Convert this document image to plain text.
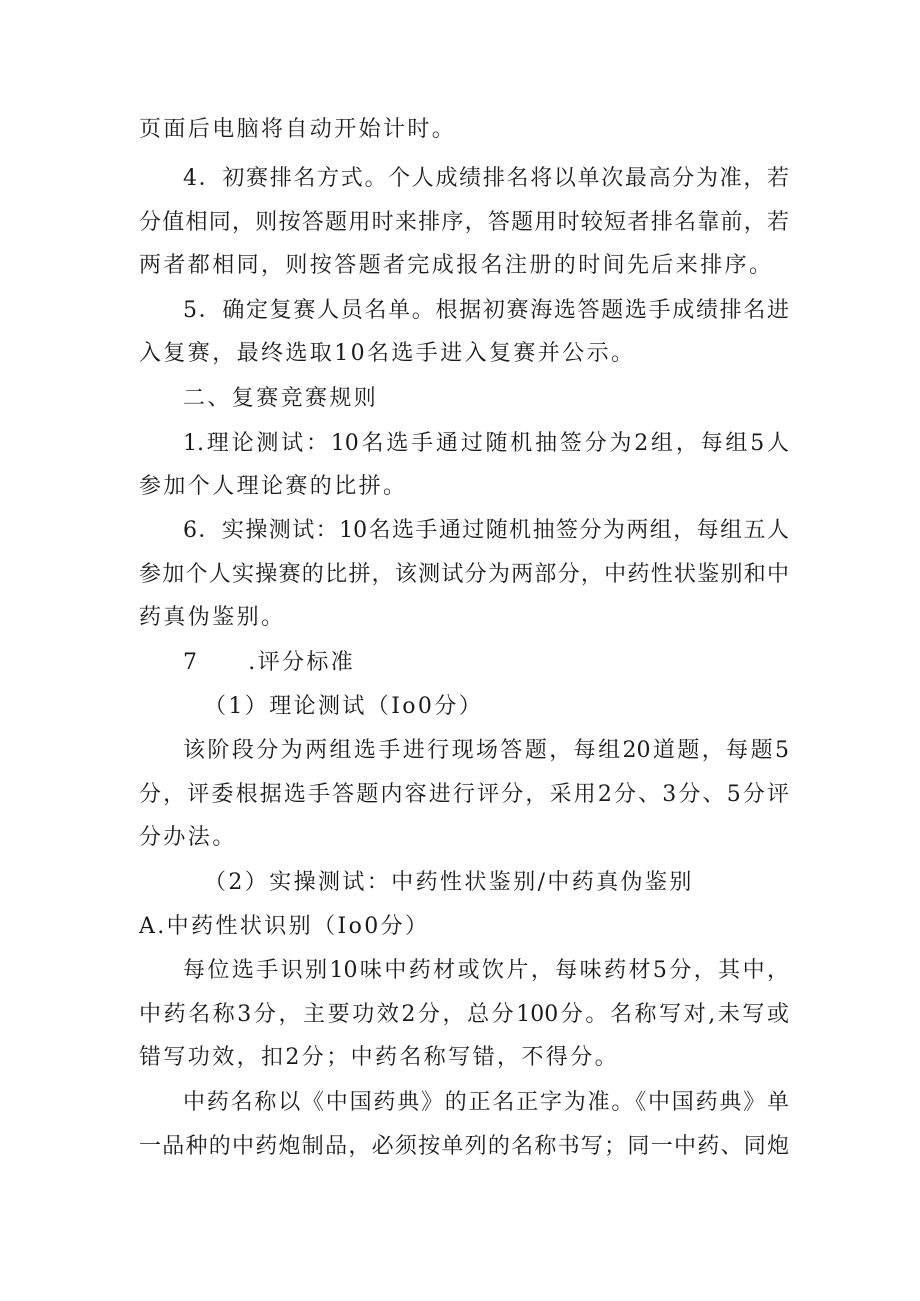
页面后电脑将自动开始计时。
4．初赛排名方式。个人成绩排名将以单次最高分为准，若
分值相同，则按答题用时来排序，答题用时较短者排名靠前，若
两者都相同，则按答题者完成报名注册的时间先后来排序。
5．确定复赛人员名单。根据初赛海选答题选手成绩排名进
入复赛，最终选取10名选手进入复赛并公示。
二、复赛竞赛规则
1.理论测试：10名选手通过随机抽签分为2组，每组5人
参加个人理论赛的比拼。
6．实操测试：10名选手通过随机抽签分为两组，每组五人
参加个人实操赛的比拼，该测试分为两部分，中药性状鉴别和中
药真伪鉴别。
7　　.评分标准
（1）理论测试（Io0分）
该阶段分为两组选手进行现场答题，每组20道题，每题5
分，评委根据选手答题内容进行评分，采用2分、3分、5分评
分办法。
（2）实操测试：中药性状鉴别/中药真伪鉴别
A.中药性状识别（Io0分）
每位选手识别10味中药材或饮片，每味药材5分，其中，
中药名称3分，主要功效2分，总分100分。名称写对,未写或
错写功效，扣2分；中药名称写错，不得分。
中药名称以《中国药典》的正名正字为准。《中国药典》单
一品种的中药炮制品，必须按单列的名称书写；同一中药、同炮
